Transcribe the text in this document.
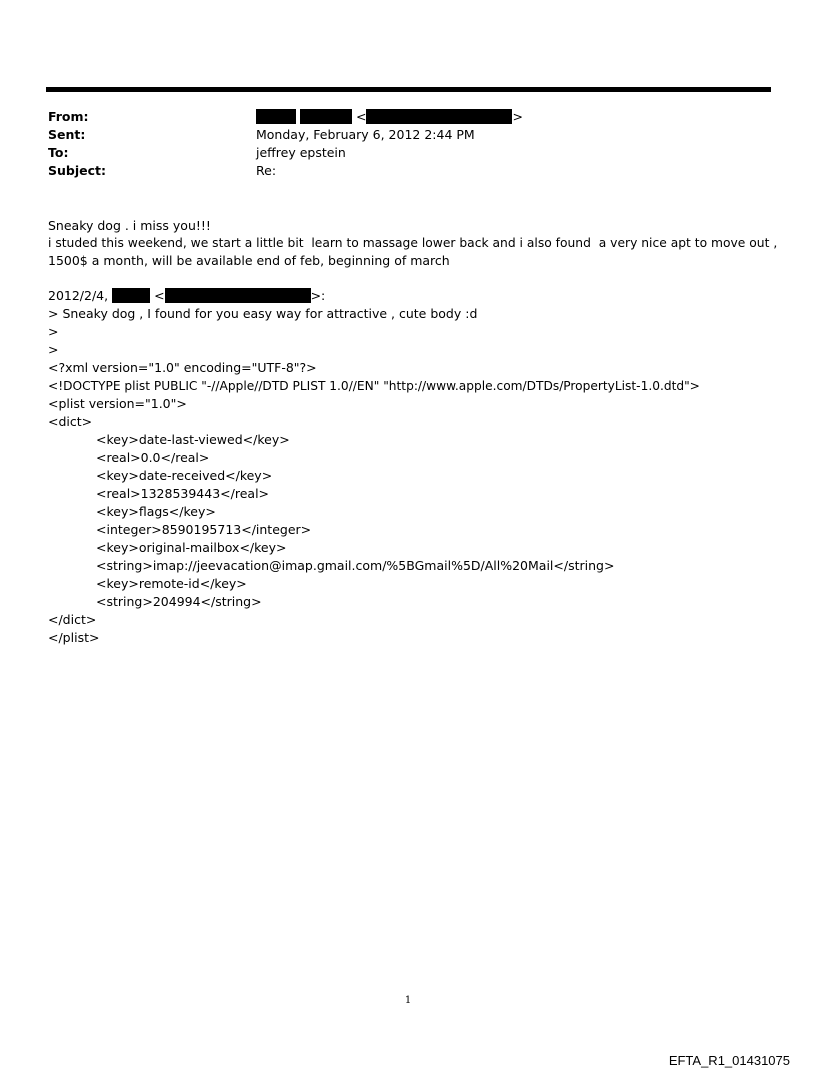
From:	<	>
Sent:	Monday, February 6, 2012 2:44 PM
To:	jeffrey epstein
Subject:	Re:
Sneaky dog . i miss you!!!
i studed this weekend, we start a little bit  learn to massage lower back and i also found  a very nice apt to move out ,
1500$ a month, will be available end of feb, beginning of march
2012/2/4,	<	>:
> Sneaky dog , I found for you easy way for attractive , cute body :d
>
>
<?xml version="1.0" encoding="UTF-8"?>
<!DOCTYPE plist PUBLIC "-//Apple//DTD PLIST 1.0//EN" "http://www.apple.com/DTDs/PropertyList-1.0.dtd">
<plist version="1.0">
<dict>
<key>date-last-viewed</key>
<real>0.0</real>
<key>date-received</key>
<real>1328539443</real>
<key>flags</key>
<integer>8590195713</integer>
<key>original-mailbox</key>
<string>imap://jeevacation@imap.gmail.com/%5BGmail%5D/All%20Mail</string>
<key>remote-id</key>
<string>204994</string>
</dict>
</plist>
1
EFTA_R1_01431075
